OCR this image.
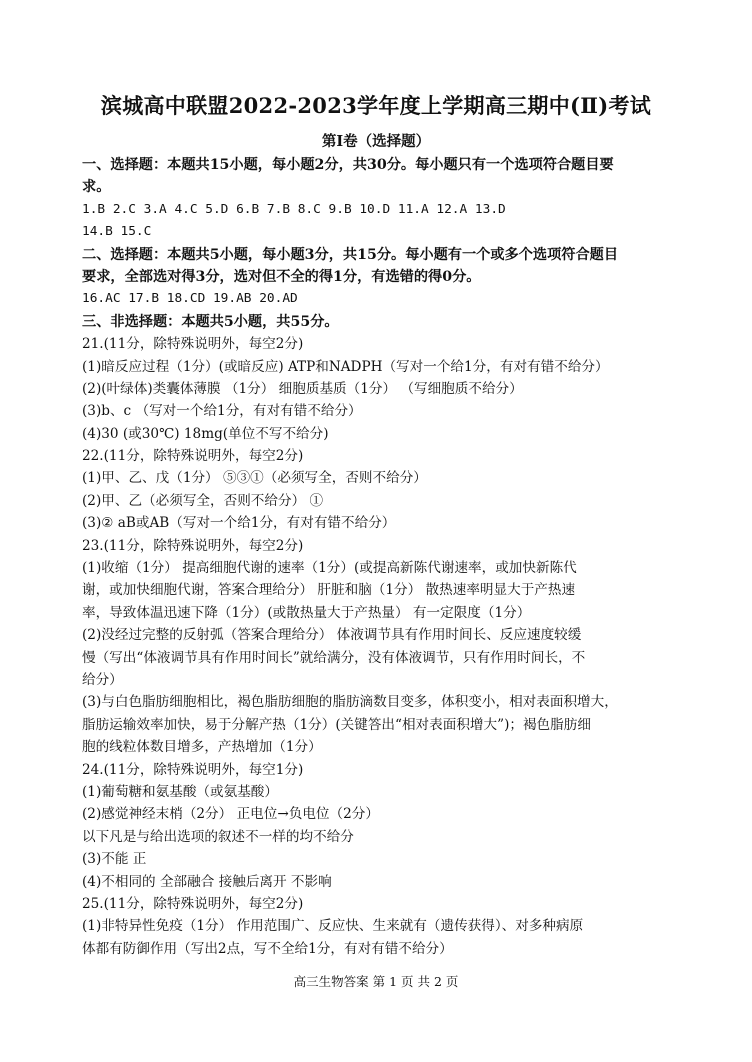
滨城高中联盟2022-2023学年度上学期高三期中(Ⅱ)考试
第Ⅰ卷（选择题）
一、选择题：本题共15小题，每小题2分，共30分。每小题只有一个选项符合题目要
求。
1.B 2.C 3.A 4.C 5.D 6.B 7.B 8.C 9.B 10.D 11.A 12.A 13.D
14.B 15.C
二、选择题：本题共5小题，每小题3分，共15分。每小题有一个或多个选项符合题目
要求，全部选对得3分，选对但不全的得1分，有选错的得0分。
16.AC 17.B 18.CD 19.AB 20.AD
三、非选择题：本题共5小题，共55分。
21.(11分，除特殊说明外，每空2分)
(1)暗反应过程（1分）(或暗反应) ATP和NADPH（写对一个给1分，有对有错不给分）
(2)(叶绿体)类囊体薄膜 （1分） 细胞质基质（1分） （写细胞质不给分）
(3)b、c （写对一个给1分，有对有错不给分）
(4)30 (或30℃) 18mg(单位不写不给分)
22.(11分，除特殊说明外，每空2分)
(1)甲、乙、戊（1分） ⑤③①（必须写全，否则不给分）
(2)甲、乙（必须写全，否则不给分） ①
(3)② aB或AB（写对一个给1分，有对有错不给分）
23.(11分，除特殊说明外，每空2分)
(1)收缩（1分） 提高细胞代谢的速率（1分）(或提高新陈代谢速率，或加快新陈代
谢，或加快细胞代谢，答案合理给分） 肝脏和脑（1分） 散热速率明显大于产热速
率，导致体温迅速下降（1分）(或散热量大于产热量） 有一定限度（1分）
(2)没经过完整的反射弧（答案合理给分） 体液调节具有作用时间长、反应速度较缓
慢（写出“体液调节具有作用时间长”就给满分，没有体液调节，只有作用时间长，不
给分）
(3)与白色脂肪细胞相比，褐色脂肪细胞的脂肪滴数目变多，体积变小，相对表面积增大，
脂肪运输效率加快，易于分解产热（1分）(关键答出“相对表面积增大”)；褐色脂肪细
胞的线粒体数目增多，产热增加（1分）
24.(11分，除特殊说明外，每空1分)
(1)葡萄糖和氨基酸（或氨基酸）
(2)感觉神经末梢（2分） 正电位→负电位（2分）
以下凡是与给出选项的叙述不一样的均不给分
(3)不能 正
(4)不相同的 全部融合 接触后离开 不影响
25.(11分，除特殊说明外，每空2分)
(1)非特异性免疫（1分） 作用范围广、反应快、生来就有（遗传获得）、对多种病原
体都有防御作用（写出2点，写不全给1分，有对有错不给分）
高三生物答案 第 1 页 共 2 页
